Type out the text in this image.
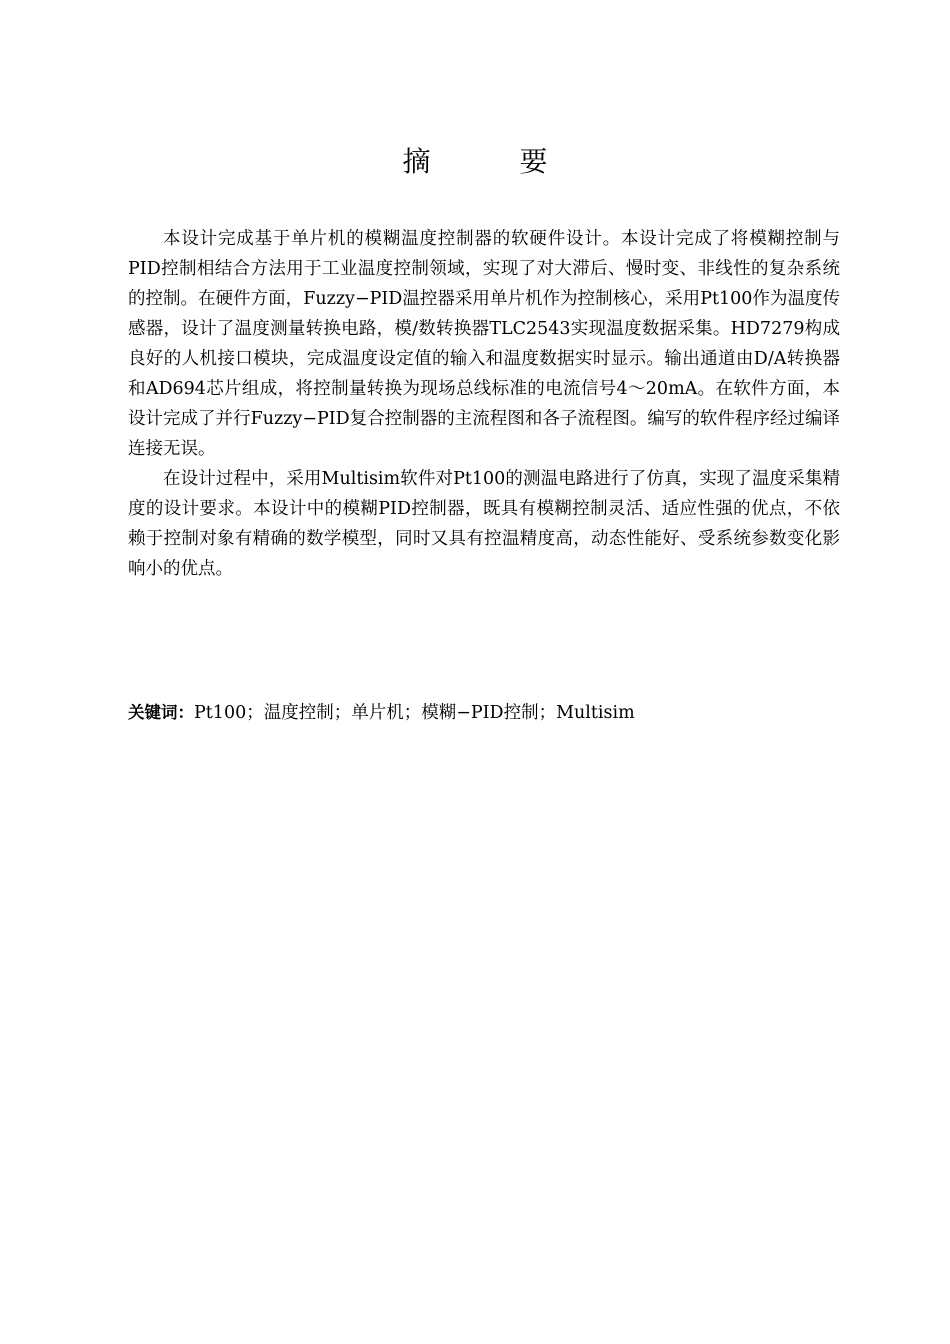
摘 要

本设计完成基于单片机的模糊温度控制器的软硬件设计。本设计完成了将模糊控制与PID控制相结合方法用于工业温度控制领域，实现了对大滞后、慢时变、非线性的复杂系统的控制。在硬件方面，Fuzzy−PID温控器采用单片机作为控制核心，采用Pt100作为温度传感器，设计了温度测量转换电路，模/数转换器TLC2543实现温度数据采集。HD7279构成良好的人机接口模块，完成温度设定值的输入和温度数据实时显示。输出通道由D/A转换器和AD694芯片组成，将控制量转换为现场总线标准的电流信号4～20mA。在软件方面，本设计完成了并行Fuzzy−PID复合控制器的主流程图和各子流程图。编写的软件程序经过编译连接无误。

在设计过程中，采用Multisim软件对Pt100的测温电路进行了仿真，实现了温度采集精度的设计要求。本设计中的模糊PID控制器，既具有模糊控制灵活、适应性强的优点，不依赖于控制对象有精确的数学模型，同时又具有控温精度高，动态性能好、受系统参数变化影响小的优点。

关键词：Pt100；温度控制；单片机；模糊−PID控制；Multisim
